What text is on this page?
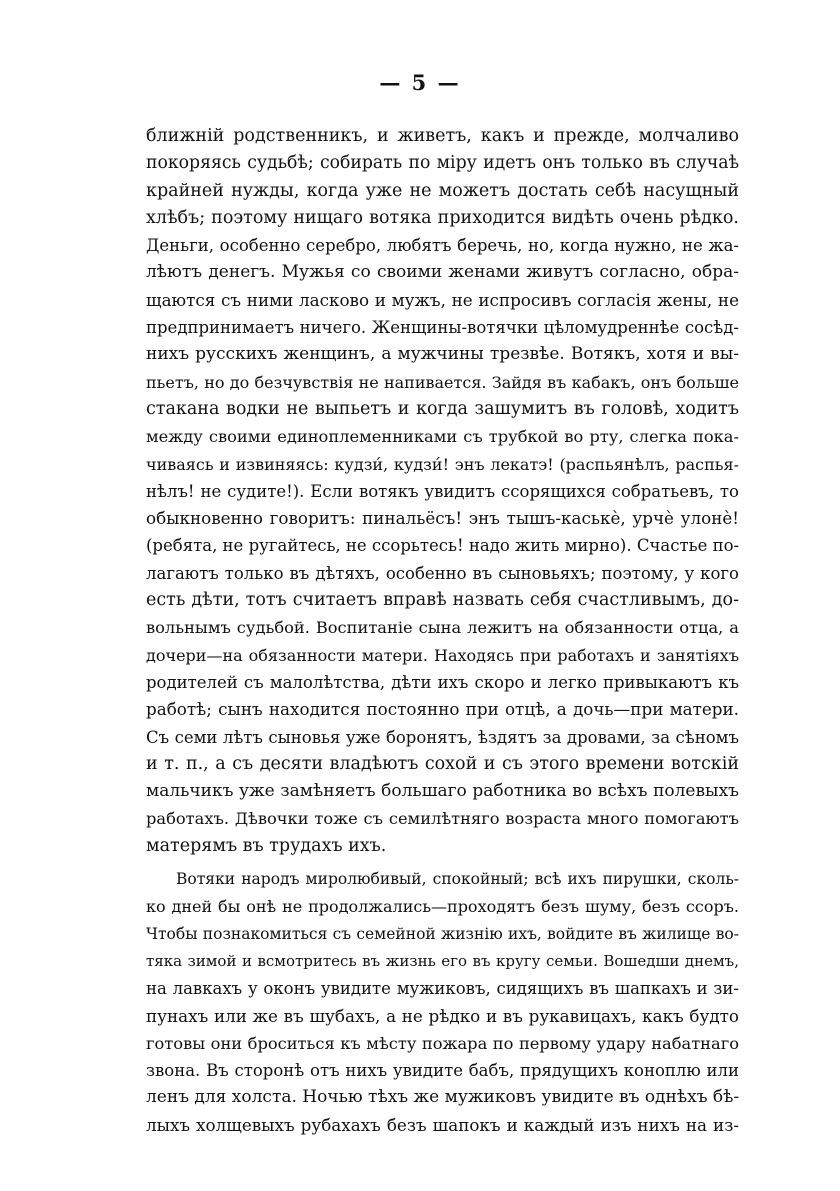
— 5 —
ближній родственникъ, и живетъ, какъ и прежде, молчаливо
покоряясь судьбѣ; собирать по міру идетъ онъ только въ случаѣ
крайней нужды, когда уже не можетъ достать себѣ насущный
хлѣбъ; поэтому нищаго вотяка приходится видѣть очень рѣдко.
Деньги, особенно серебро, любятъ беречь, но, когда нужно, не жа-
лѣютъ денегъ. Мужья со своими женами живутъ согласно, обра-
щаются съ ними ласково и мужъ, не испросивъ согласія жены, не
предпринимаетъ ничего. Женщины-вотячки цѣломудреннѣе сосѣд-
нихъ русскихъ женщинъ, а мужчины трезвѣе. Вотякъ, хотя и вы-
пьетъ, но до безчувствія не напивается. Зайдя въ кабакъ, онъ больше
стакана водки не выпьетъ и когда зашумитъ въ головѣ, ходитъ
между своими единоплеменниками съ трубкой во рту, слегка пока-
чиваясь и извиняясь: кудзи́, кудзи́! энъ лекатэ! (распьянѣлъ, распья-
нѣлъ! не судите!). Если вотякъ увидитъ ссорящихся собратьевъ, то
обыкновенно говоритъ: пинальёсъ! энъ тышъ-каськѐ, урчѐ улонѐ!
(ребята, не ругайтесь, не ссорьтесь! надо жить мирно). Счастье по-
лагаютъ только въ дѣтяхъ, особенно въ сыновьяхъ; поэтому, у кого
есть дѣти, тотъ считаетъ вправѣ назвать себя счастливымъ, до-
вольнымъ судьбой. Воспитаніе сына лежитъ на обязанности отца, а
дочери—на обязанности матери. Находясь при работахъ и занятіяхъ
родителей съ малолѣтства, дѣти ихъ скоро и легко привыкаютъ къ
работѣ; сынъ находится постоянно при отцѣ, а дочь—при матери.
Съ семи лѣтъ сыновья уже боронятъ, ѣздятъ за дровами, за сѣномъ
и т. п., а съ десяти владѣютъ сохой и съ этого времени вотскій
мальчикъ уже замѣняетъ большаго работника во всѣхъ полевыхъ
работахъ. Дѣвочки тоже съ семилѣтняго возраста много помогаютъ
матерямъ въ трудахъ ихъ.
Вотяки народъ миролюбивый, спокойный; всѣ ихъ пирушки, сколь-
ко дней бы онѣ не продолжались—проходятъ безъ шуму, безъ ссоръ.
Чтобы познакомиться съ семейной жизнію ихъ, войдите въ жилище во-
тяка зимой и всмотритесь въ жизнь его въ кругу семьи. Вошедши днемъ,
на лавкахъ у оконъ увидите мужиковъ, сидящихъ въ шапкахъ и зи-
пунахъ или же въ шубахъ, а не рѣдко и въ рукавицахъ, какъ будто
готовы они броситься къ мѣсту пожара по первому удару набатнаго
звона. Въ сторонѣ отъ нихъ увидите бабъ, прядущихъ коноплю или
ленъ для холста. Ночью тѣхъ же мужиковъ увидите въ однѣхъ бѣ-
лыхъ холщевыхъ рубахахъ безъ шапокъ и каждый изъ нихъ на из-
